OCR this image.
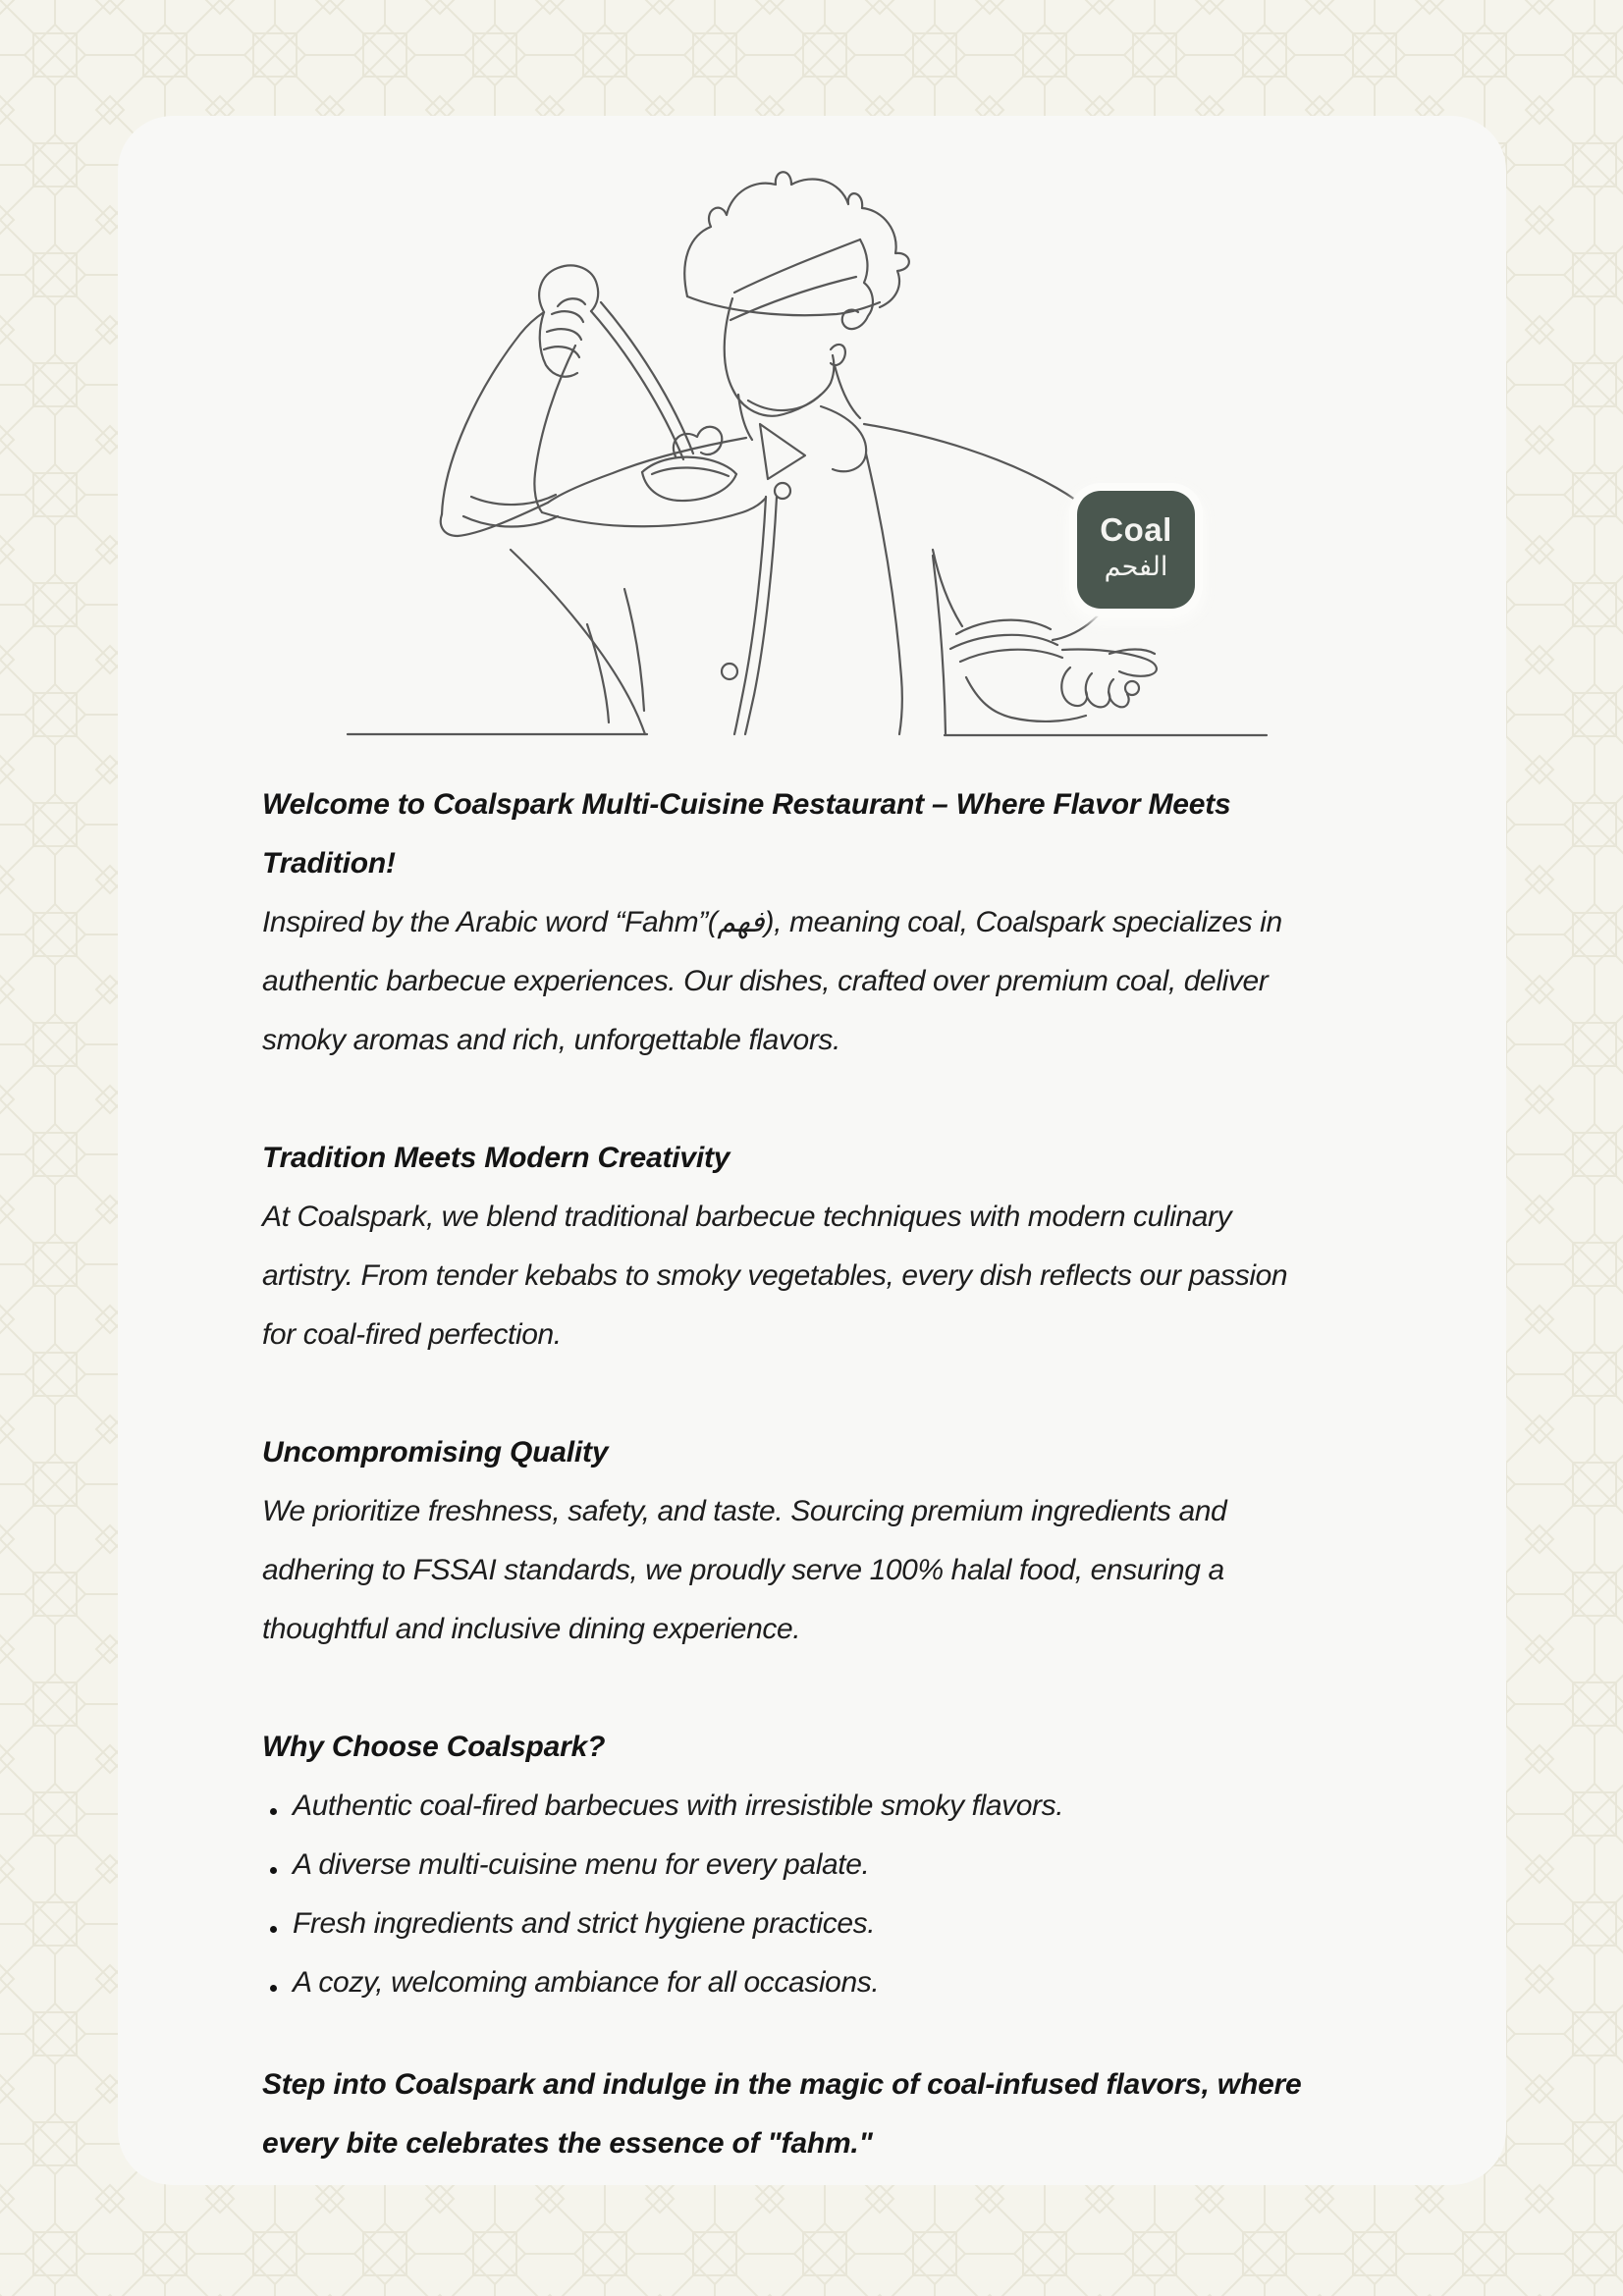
Coal
الفحم
Welcome to Coalspark Multi-Cuisine Restaurant – Where Flavor Meets
Tradition!
Inspired by the Arabic word “Fahm”(فهم), meaning coal, Coalspark specializes in
authentic barbecue experiences. Our dishes, crafted over premium coal, deliver
smoky aromas and rich, unforgettable flavors.
Tradition Meets Modern Creativity
At Coalspark, we blend traditional barbecue techniques with modern culinary
artistry. From tender kebabs to smoky vegetables, every dish reflects our passion
for coal-fired perfection.
Uncompromising Quality
We prioritize freshness, safety, and taste. Sourcing premium ingredients and
adhering to FSSAI standards, we proudly serve 100% halal food, ensuring a
thoughtful and inclusive dining experience.
Why Choose Coalspark?
Authentic coal-fired barbecues with irresistible smoky flavors.
A diverse multi-cuisine menu for every palate.
Fresh ingredients and strict hygiene practices.
A cozy, welcoming ambiance for all occasions.
Step into Coalspark and indulge in the magic of coal-infused flavors, where
every bite celebrates the essence of "fahm."
